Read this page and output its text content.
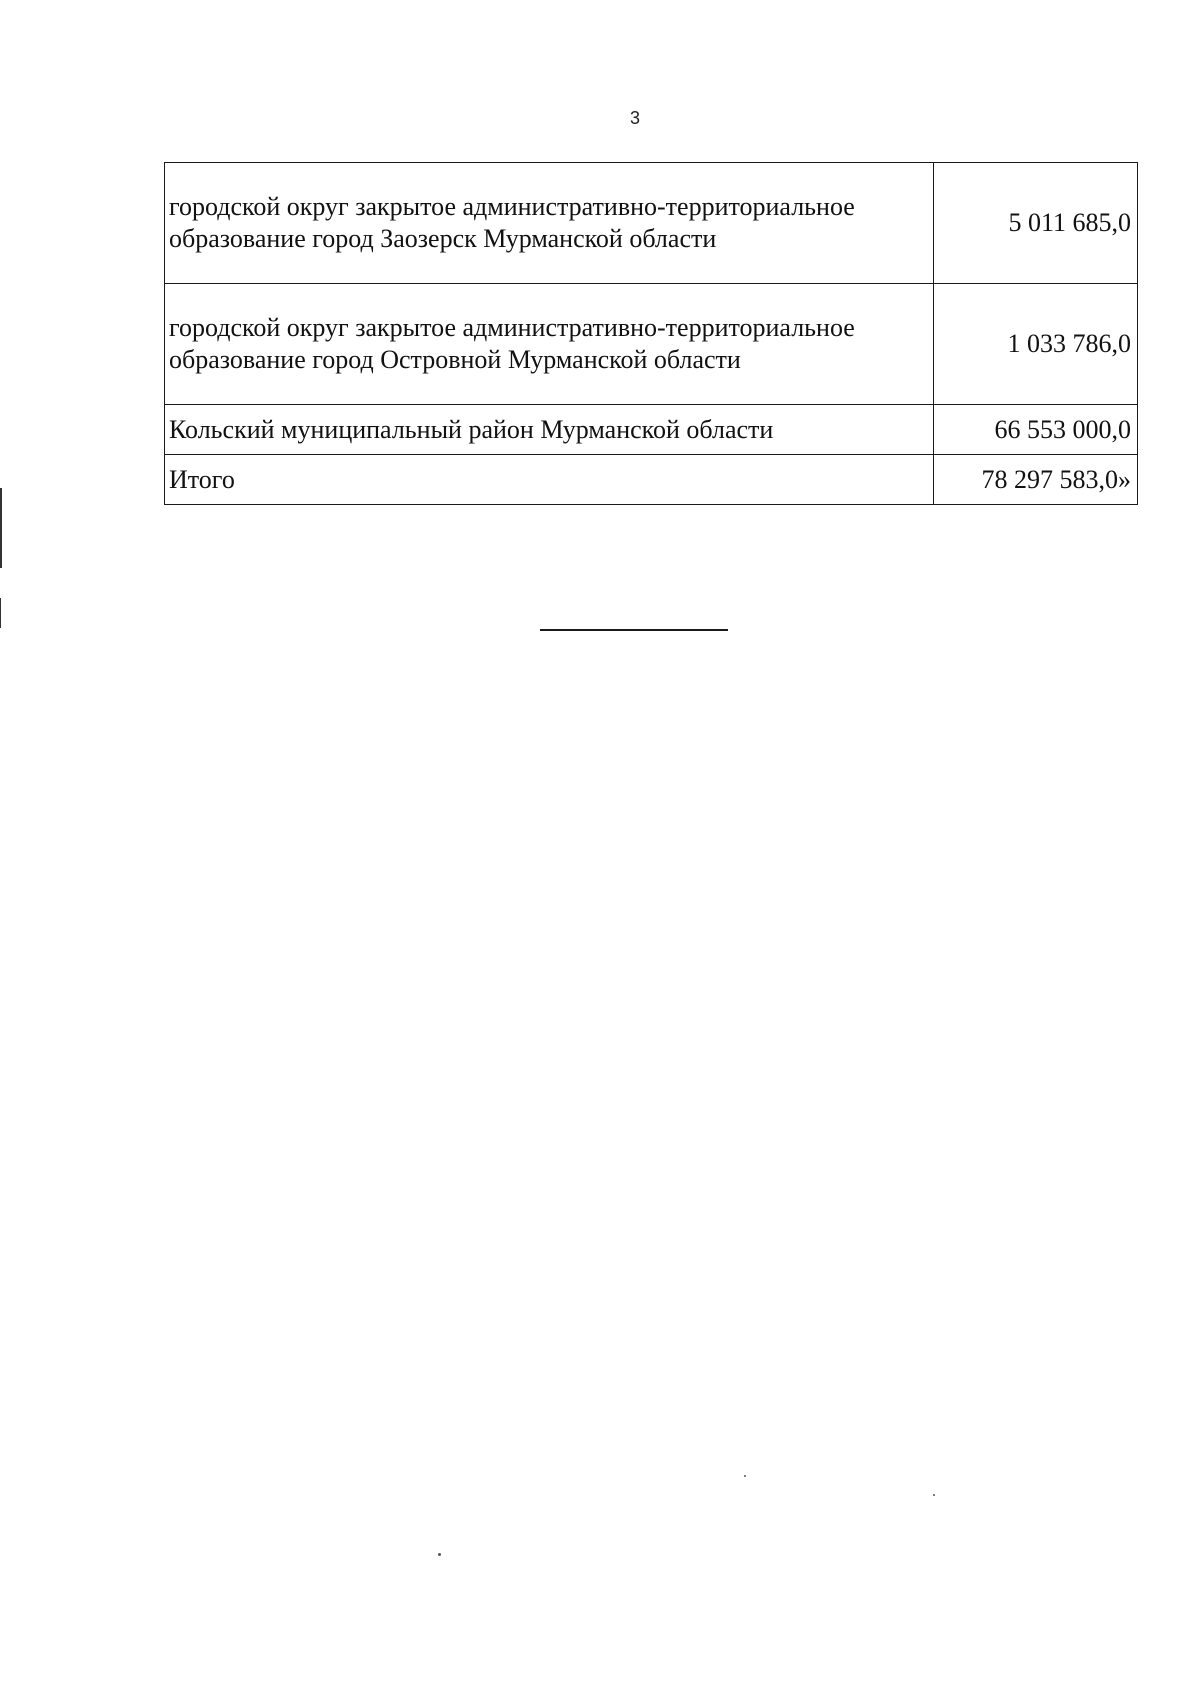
3
городской округ закрытое административно-территориальное образование город Заозерск Мурманской области	5 011 685,0
городской округ закрытое административно-территориальное образование город Островной Мурманской области	1 033 786,0
Кольский муниципальный район Мурманской области	66 553 000,0
Итого	78 297 583,0»
